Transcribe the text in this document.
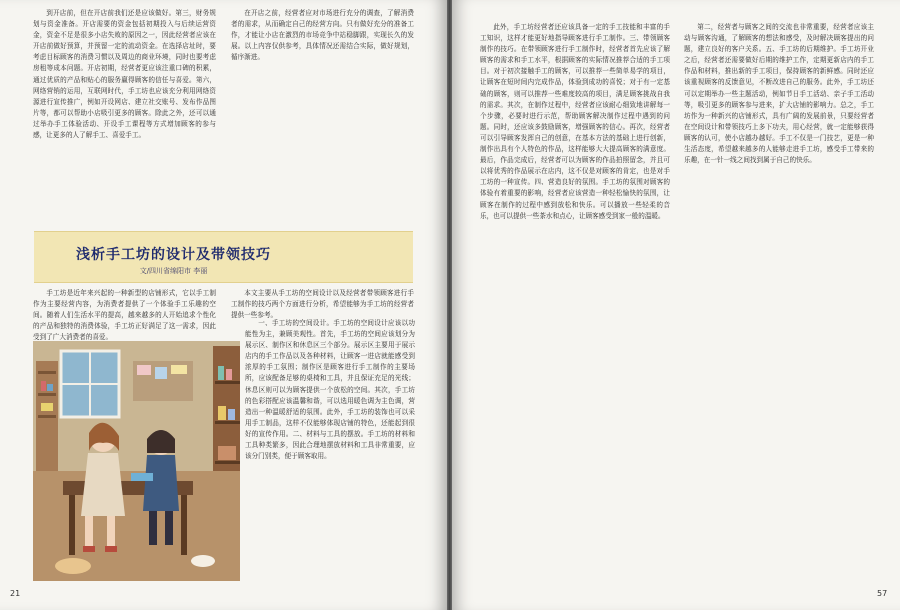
到开店前，但在开店前我们还是应该做好。第三，财务规划与资金准备。开店需要的资金包括初期投入与后续运营资金，资金不足是很多小店失败的原因之一，因此经营者应该在开店前做好预算，并预留一定的流动资金。在选择店址时，要考虑目标顾客的消费习惯以及周边的商业环境，同时也要考虑房租等成本问题。开店初期，经营者更应该注重口碑的积累，通过优质的产品和贴心的服务赢得顾客的信任与喜爱。第六，网络营销的运用，互联网时代，手工坊也应该充分利用网络资源进行宣传推广，例如开设网店、建立社交账号、发布作品图片等，都可以帮助小店吸引更多的顾客。除此之外，还可以通过举办手工体验活动、开设手工课程等方式增加顾客的参与感，让更多的人了解手工、喜爱手工。

在开店之前，经营者应对市场进行充分的调查，了解消费者的需求，从而确定自己的经营方向。只有做好充分的准备工作，才能让小店在激烈的市场竞争中站稳脚跟，实现长久的发展。以上内容仅供参考，具体情况还需结合实际，做好规划，循序渐进。

浅析手工坊的设计及带领技巧
文/四川省绵阳市 李丽

手工坊是近年来兴起的一种新型的店铺形式，它以手工制作为主要经营内容，为消费者提供了一个体验手工乐趣的空间。随着人们生活水平的提高，越来越多的人开始追求个性化的产品和独特的消费体验，手工坊正好满足了这一需求，因此受到了广大消费者的喜爱。

本文主要从手工坊的空间设计以及经营者带领顾客进行手工制作的技巧两个方面进行分析，希望能够为手工坊的经营者提供一些参考。

一、手工坊的空间设计。手工坊的空间设计应该以功能性为主，兼顾美观性。首先，手工坊的空间应该划分为展示区、制作区和休息区三个部分。展示区主要用于展示店内的手工作品以及各种材料，让顾客一进店就能感受到浓厚的手工氛围；制作区是顾客进行手工制作的主要场所，应该配备足够的桌椅和工具，并且保证充足的光线；休息区则可以为顾客提供一个放松的空间。其次，手工坊的色彩搭配应该温馨和谐，可以选用暖色调为主色调，营造出一种温暖舒适的氛围。此外，手工坊的装饰也可以采用手工制品，这样不仅能够体现店铺的特色，还能起到很好的宣传作用。二、材料与工具的摆放。手工坊的材料和工具种类繁多，因此合理地摆放材料和工具非常重要，应该分门别类，便于顾客取用。

21

此外，手工坊经营者还应该具备一定的手工技能和丰富的手工知识，这样才能更好地指导顾客进行手工制作。三、带领顾客制作的技巧。在带领顾客进行手工制作时，经营者首先应该了解顾客的需求和手工水平，根据顾客的实际情况推荐合适的手工项目。对于初次接触手工的顾客，可以推荐一些简单易学的项目，让顾客在短时间内完成作品，体验到成功的喜悦；对于有一定基础的顾客，则可以推荐一些难度较高的项目，满足顾客挑战自我的需求。其次，在制作过程中，经营者应该耐心细致地讲解每一个步骤，必要时进行示范，帮助顾客解决制作过程中遇到的问题。同时，还应该多鼓励顾客，增强顾客的信心。再次，经营者可以引导顾客发挥自己的创意，在基本方法的基础上进行创新，制作出具有个人特色的作品，这样能够大大提高顾客的满意度。最后，作品完成后，经营者可以为顾客的作品拍照留念，并且可以将优秀的作品展示在店内，这不仅是对顾客的肯定，也是对手工坊的一种宣传。四、营造良好的氛围。手工坊的氛围对顾客的体验有着重要的影响，经营者应该营造一种轻松愉快的氛围，让顾客在制作的过程中感到放松和快乐。可以播放一些轻柔的音乐，也可以提供一些茶水和点心，让顾客感受到家一般的温暖。

第二，经营者与顾客之间的交流也非常重要，经营者应该主动与顾客沟通，了解顾客的想法和感受，及时解决顾客提出的问题，建立良好的客户关系。五、手工坊的后期维护。手工坊开业之后，经营者还需要做好后期的维护工作，定期更新店内的手工作品和材料，推出新的手工项目，保持顾客的新鲜感。同时还应该重视顾客的反馈意见，不断改进自己的服务。此外，手工坊还可以定期举办一些主题活动，例如节日手工活动、亲子手工活动等，吸引更多的顾客参与进来，扩大店铺的影响力。总之，手工坊作为一种新兴的店铺形式，具有广阔的发展前景，只要经营者在空间设计和带领技巧上多下功夫，用心经营，就一定能够获得顾客的认可，使小店越办越好。手工不仅是一门技艺，更是一种生活态度，希望越来越多的人能够走进手工坊，感受手工带来的乐趣，在一针一线之间找到属于自己的快乐。

57
